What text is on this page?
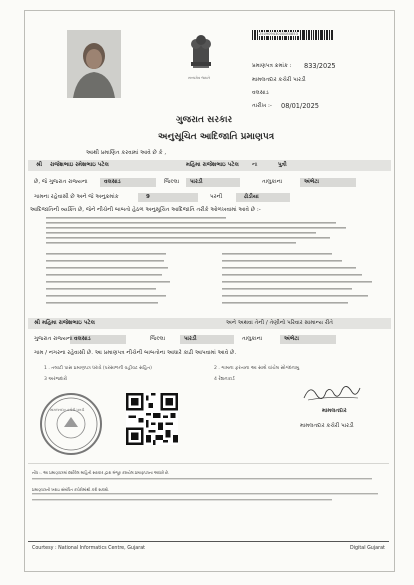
સત્યમેવ જયતે
25090943000080853
પ્રમાણપત્ર ક્રમાંક : 833/2025
મામલતદાર કચેરી પારડી
વલસાડ
તારીખ :- 08/01/2025
ગુજરાત સરકાર
અનુસૂચિત આદિજાતિ પ્રમાણપત્ર
આથી પ્રમાણિત કરવામાં આવે છે કે ,
શ્રી રાજેશભાઇ રમેશભાઇ પટેલ	મહિમા રાજેશભાઇ પટેલ ના	પુત્રી
છે, જે ગુજરાત રાજ્યના	વલસાડ	જિલ્લા પારડી	તાલુકાના	અંભેટા
ગામના રહેવાસી છે અને જે અનુક્રમાંક	9	પરની	ઢોડીયા
આદિજાતિની વ્યક્તિ છે, જેને નીચેની બાબતો હેઠળ અનુસૂચિત આદિજાતિ તરીકે ઓળખવામાં આવે છે :-
શ્રી મહિમા રાજેશભાઇ પટેલ	અને અથવા તેની / તેણીનો પરિવાર સામાન્ય રીતે
ગુજરાત રાજ્યના વલસાડ	જિલ્લા	પારડી	તાલુકાના	અંભેટા
ગામ / નગરના રહેવાસી છે. આ પ્રમાણપત્ર નીચેની બાબતોના આધારે કાઢી આપવામાં આવે છે.
1 . તલાટી પાસ પ્રમાણપત્ર ધરાવે (પરસાળની વહીવટ સહિત)	2 . ગામના ફરતાના આ સાથે વાંચેલ સોગંદનામુ
3 અરજદારો	4 રેશનકાર્ડ
મામલતદાર કચેરી પારડી	મામલતદાર
મામલતદાર કચેરી પારડી
નોંધ :- આ પ્રમાણપત્રમાં દર્શાવેલ માહિતી સરકાર દ્વારા મંજૂર કરાયેલ પ્રમાણપત્રના આધારે છે.
પ્રમાણપત્રની ખરાઇ સંબંધિત કચેરીમાંથી કરી શકાશે.
Courtesy : National Informatics Centre, Gujarat	Digital Gujarat
